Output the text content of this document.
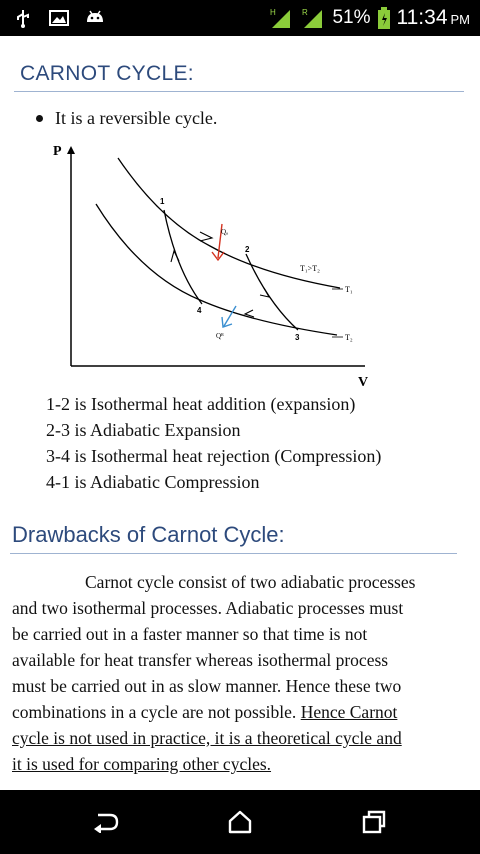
H	R 51% 11:34 PM
CARNOT CYCLE:
It is a reversible cycle.
P
V
1
2
3
4
Qₐ
Qᴿ
T₁>T₂
T₁
T₂
1-2 is Isothermal heat addition (expansion)
2-3 is Adiabatic Expansion
3-4 is Isothermal heat rejection (Compression)
4-1 is Adiabatic Compression
Drawbacks of Carnot Cycle:
Carnot cycle consist of two adiabatic processes
and two isothermal processes. Adiabatic processes must
be carried out in a faster manner so that time is not
available for heat transfer whereas isothermal process
must be carried out in as slow manner. Hence these two
combinations in a cycle are not possible. Hence Carnot
cycle is not used in practice, it is a theoretical cycle and
it is used for comparing other cycles.
